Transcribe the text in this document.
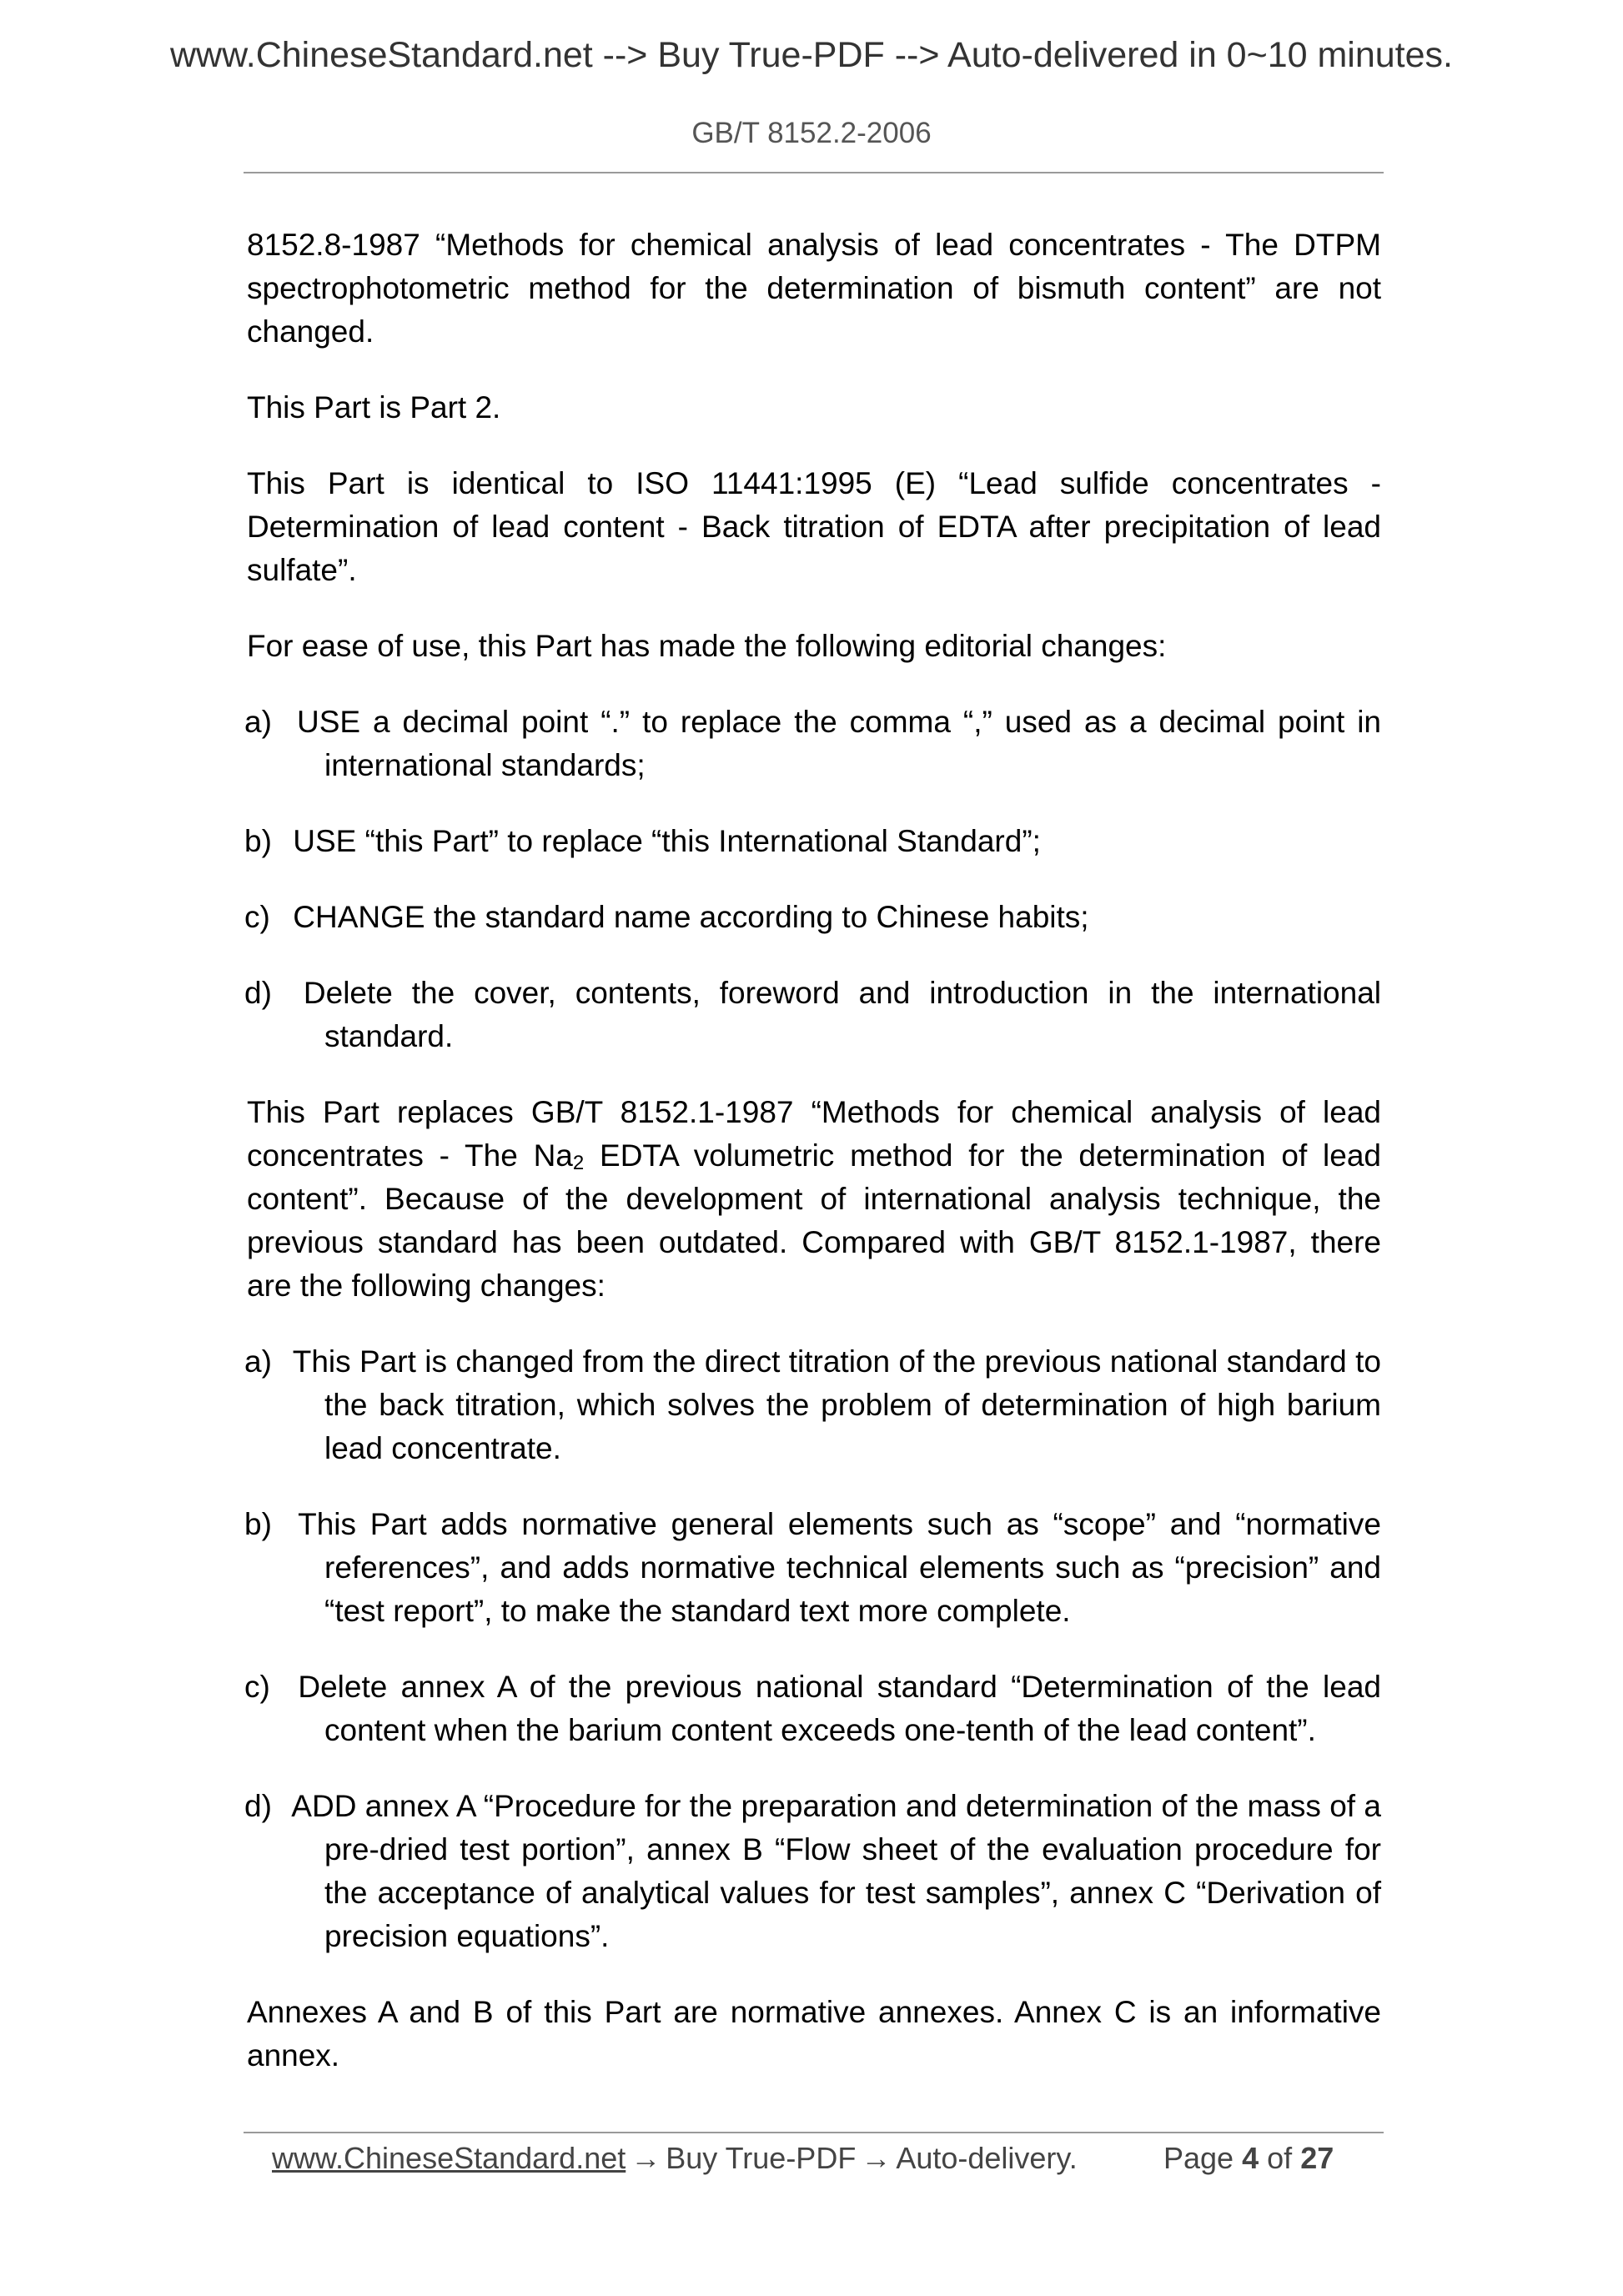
www.ChineseStandard.net --> Buy True-PDF --> Auto-delivered in 0~10 minutes.
GB/T 8152.2-2006

8152.8-1987 “Methods for chemical analysis of lead concentrates - The DTPM spectrophotometric method for the determination of bismuth content” are not changed.

This Part is Part 2.

This Part is identical to ISO 11441:1995 (E) “Lead sulfide concentrates - Determination of lead content - Back titration of EDTA after precipitation of lead sulfate”.

For ease of use, this Part has made the following editorial changes:

a) USE a decimal point “.” to replace the comma “,” used as a decimal point in international standards;
b) USE “this Part” to replace “this International Standard”;
c) CHANGE the standard name according to Chinese habits;
d) Delete the cover, contents, foreword and introduction in the international standard.

This Part replaces GB/T 8152.1-1987 “Methods for chemical analysis of lead concentrates - The $Na_2$ EDTA volumetric method for the determination of lead content”. Because of the development of international analysis technique, the previous standard has been outdated. Compared with GB/T 8152.1-1987, there are the following changes:

a) This Part is changed from the direct titration of the previous national standard to the back titration, which solves the problem of determination of high barium lead concentrate.
b) This Part adds normative general elements such as “scope” and “normative references”, and adds normative technical elements such as “precision” and “test report”, to make the standard text more complete.
c) Delete annex A of the previous national standard “Determination of the lead content when the barium content exceeds one-tenth of the lead content”.
d) ADD annex A “Procedure for the preparation and determination of the mass of a pre-dried test portion”, annex B “Flow sheet of the evaluation procedure for the acceptance of analytical values for test samples”, annex C “Derivation of precision equations”.

Annexes A and B of this Part are normative annexes. Annex C is an informative annex.

www.ChineseStandard.net → Buy True-PDF → Auto-delivery.	Page 4 of 27
